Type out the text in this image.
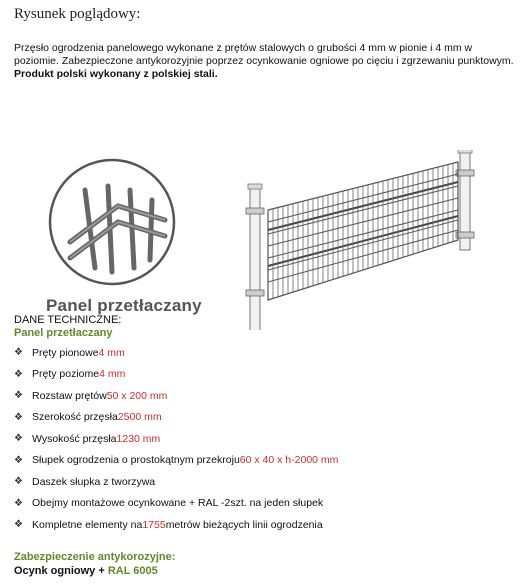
Rysunek poglądowy:
Przęsło ogrodzenia panelowego wykonane z prętów stalowych o grubości 4 mm w pionie i 4 mm w poziomie. Zabezpieczone antykorozyjnie poprzez ocynkowanie ogniowe po cięciu i zgrzewaniu punktowym.
Produkt polski wykonany z polskiej stali.
Panel przetłaczany
DANE TECHNICZNE:
Panel przetłaczany
❖ Pręty pionowe 4 mm
❖ Pręty poziome 4 mm
❖ Rozstaw prętów 50 x 200 mm
❖ Szerokość przęsła 2500 mm
❖ Wysokość przęsła 1230 mm
❖ Słupek ogrodzenia o prostokątnym przekroju 60 x 40 x h-2000 mm
❖ Daszek słupka z tworzywa
❖ Obejmy montażowe ocynkowane + RAL -2szt. na jeden słupek
❖ Kompletne elementy na 1755 metrów bieżących linii ogrodzenia
Zabezpieczenie antykorozyjne:
Ocynk ogniowy + RAL 6005
